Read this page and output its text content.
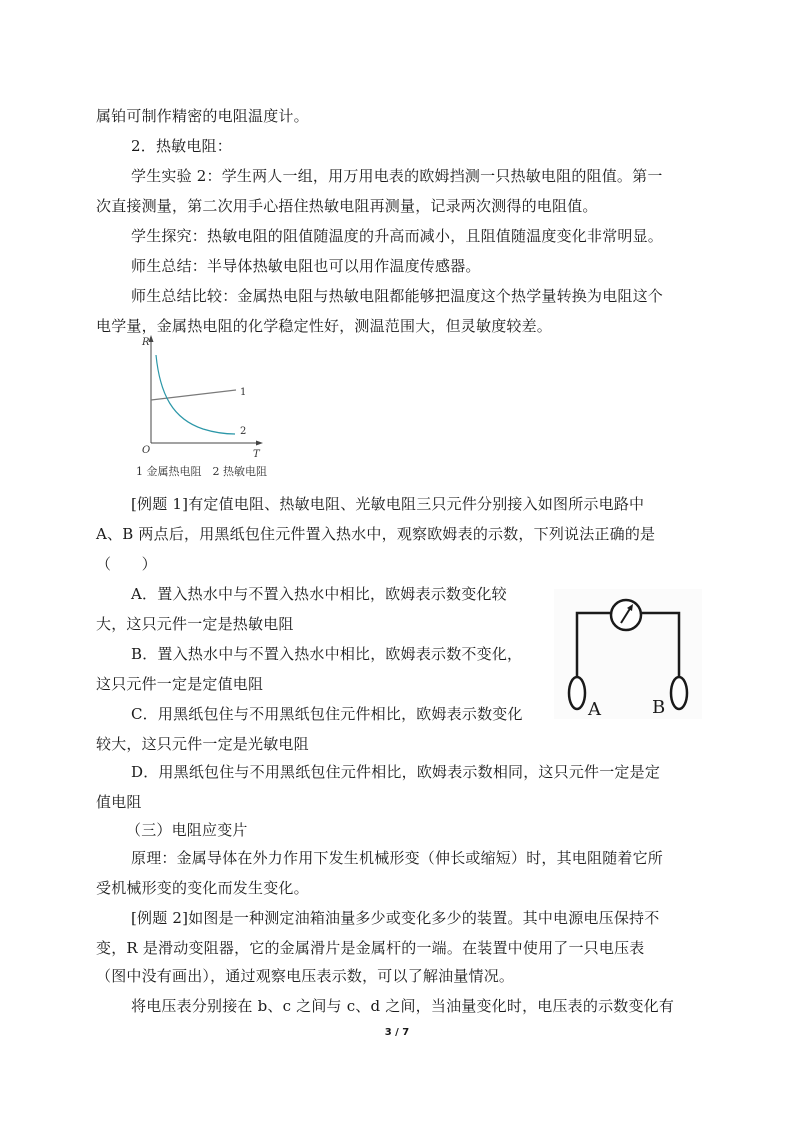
属铂可制作精密的电阻温度计。
2．热敏电阻：
学生实验 2：学生两人一组，用万用电表的欧姆挡测一只热敏电阻的阻值。第一
次直接测量，第二次用手心捂住热敏电阻再测量，记录两次测得的电阻值。
学生探究：热敏电阻的阻值随温度的升高而减小，且阻值随温度变化非常明显。
师生总结：半导体热敏电阻也可以用作温度传感器。
师生总结比较：金属热电阻与热敏电阻都能够把温度这个热学量转换为电阻这个
电学量，金属热电阻的化学稳定性好，测温范围大，但灵敏度较差。
R
O	T
1
2
1 金属热电阻　2 热敏电阻
[例题 1]有定值电阻、热敏电阻、光敏电阻三只元件分别接入如图所示电路中
A、B 两点后，用黑纸包住元件置入热水中，观察欧姆表的示数，下列说法正确的是
（　　）
A．置入热水中与不置入热水中相比，欧姆表示数变化较
大，这只元件一定是热敏电阻
B．置入热水中与不置入热水中相比，欧姆表示数不变化，
这只元件一定是定值电阻
C．用黑纸包住与不用黑纸包住元件相比，欧姆表示数变化
较大，这只元件一定是光敏电阻
D．用黑纸包住与不用黑纸包住元件相比，欧姆表示数相同，这只元件一定是定
值电阻
A	B
（三）电阻应变片
原理：金属导体在外力作用下发生机械形变（伸长或缩短）时，其电阻随着它所
受机械形变的变化而发生变化。
[例题 2]如图是一种测定油箱油量多少或变化多少的装置。其中电源电压保持不
变，R 是滑动变阻器，它的金属滑片是金属杆的一端。在装置中使用了一只电压表
（图中没有画出），通过观察电压表示数，可以了解油量情况。
将电压表分别接在 b、c 之间与 c、d 之间，当油量变化时，电压表的示数变化有
3 / 7
